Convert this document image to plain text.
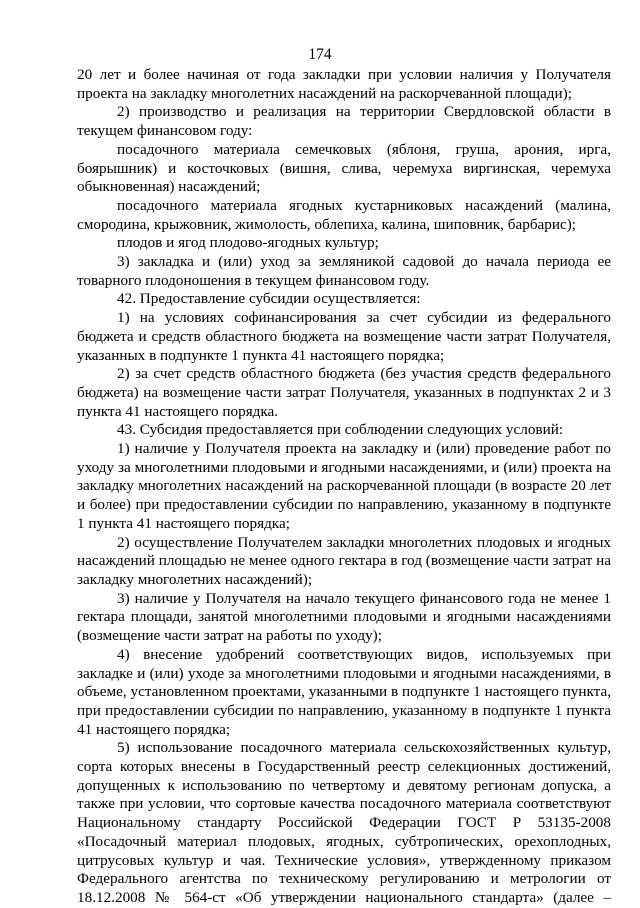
174

20 лет и более начиная от года закладки при условии наличия у Получателя проекта на закладку многолетних насаждений на раскорчеванной площади);

2) производство и реализация на территории Свердловской области в текущем финансовом году:

посадочного материала семечковых (яблоня, груша, арония, ирга, боярышник) и косточковых (вишня, слива, черемуха виргинская, черемуха обыкновенная) насаждений;

посадочного материала ягодных кустарниковых насаждений (малина, смородина, крыжовник, жимолость, облепиха, калина, шиповник, барбарис);

плодов и ягод плодово-ягодных культур;

3) закладка и (или) уход за земляникой садовой до начала периода ее товарного плодоношения в текущем финансовом году.

42. Предоставление субсидии осуществляется:

1) на условиях софинансирования за счет субсидии из федерального бюджета и средств областного бюджета на возмещение части затрат Получателя, указанных в подпункте 1 пункта 41 настоящего порядка;

2) за счет средств областного бюджета (без участия средств федерального бюджета) на возмещение части затрат Получателя, указанных в подпунктах 2 и 3 пункта 41 настоящего порядка.

43. Субсидия предоставляется при соблюдении следующих условий:

1) наличие у Получателя проекта на закладку и (или) проведение работ по уходу за многолетними плодовыми и ягодными насаждениями, и (или) проекта на закладку многолетних насаждений на раскорчеванной площади (в возрасте 20 лет и более) при предоставлении субсидии по направлению, указанному в подпункте 1 пункта 41 настоящего порядка;

2) осуществление Получателем закладки многолетних плодовых и ягодных насаждений площадью не менее одного гектара в год (возмещение части затрат на закладку многолетних насаждений);

3) наличие у Получателя на начало текущего финансового года не менее 1 гектара площади, занятой многолетними плодовыми и ягодными насаждениями (возмещение части затрат на работы по уходу);

4) внесение удобрений соответствующих видов, используемых при закладке и (или) уходе за многолетними плодовыми и ягодными насаждениями, в объеме, установленном проектами, указанными в подпункте 1 настоящего пункта, при предоставлении субсидии по направлению, указанному в подпункте 1 пункта 41 настоящего порядка;

5) использование посадочного материала сельскохозяйственных культур, сорта которых внесены в Государственный реестр селекционных достижений, допущенных к использованию по четвертому и девятому регионам допуска, а также при условии, что сортовые качества посадочного материала соответствуют Национальному стандарту Российской Федерации ГОСТ Р 53135-2008 «Посадочный материал плодовых, ягодных, субтропических, орехоплодных, цитрусовых культур и чая. Технические условия», утвержденному приказом Федерального агентства по техническому регулированию и метрологии от 18.12.2008 № 564-ст «Об утверждении национального стандарта» (далее –
